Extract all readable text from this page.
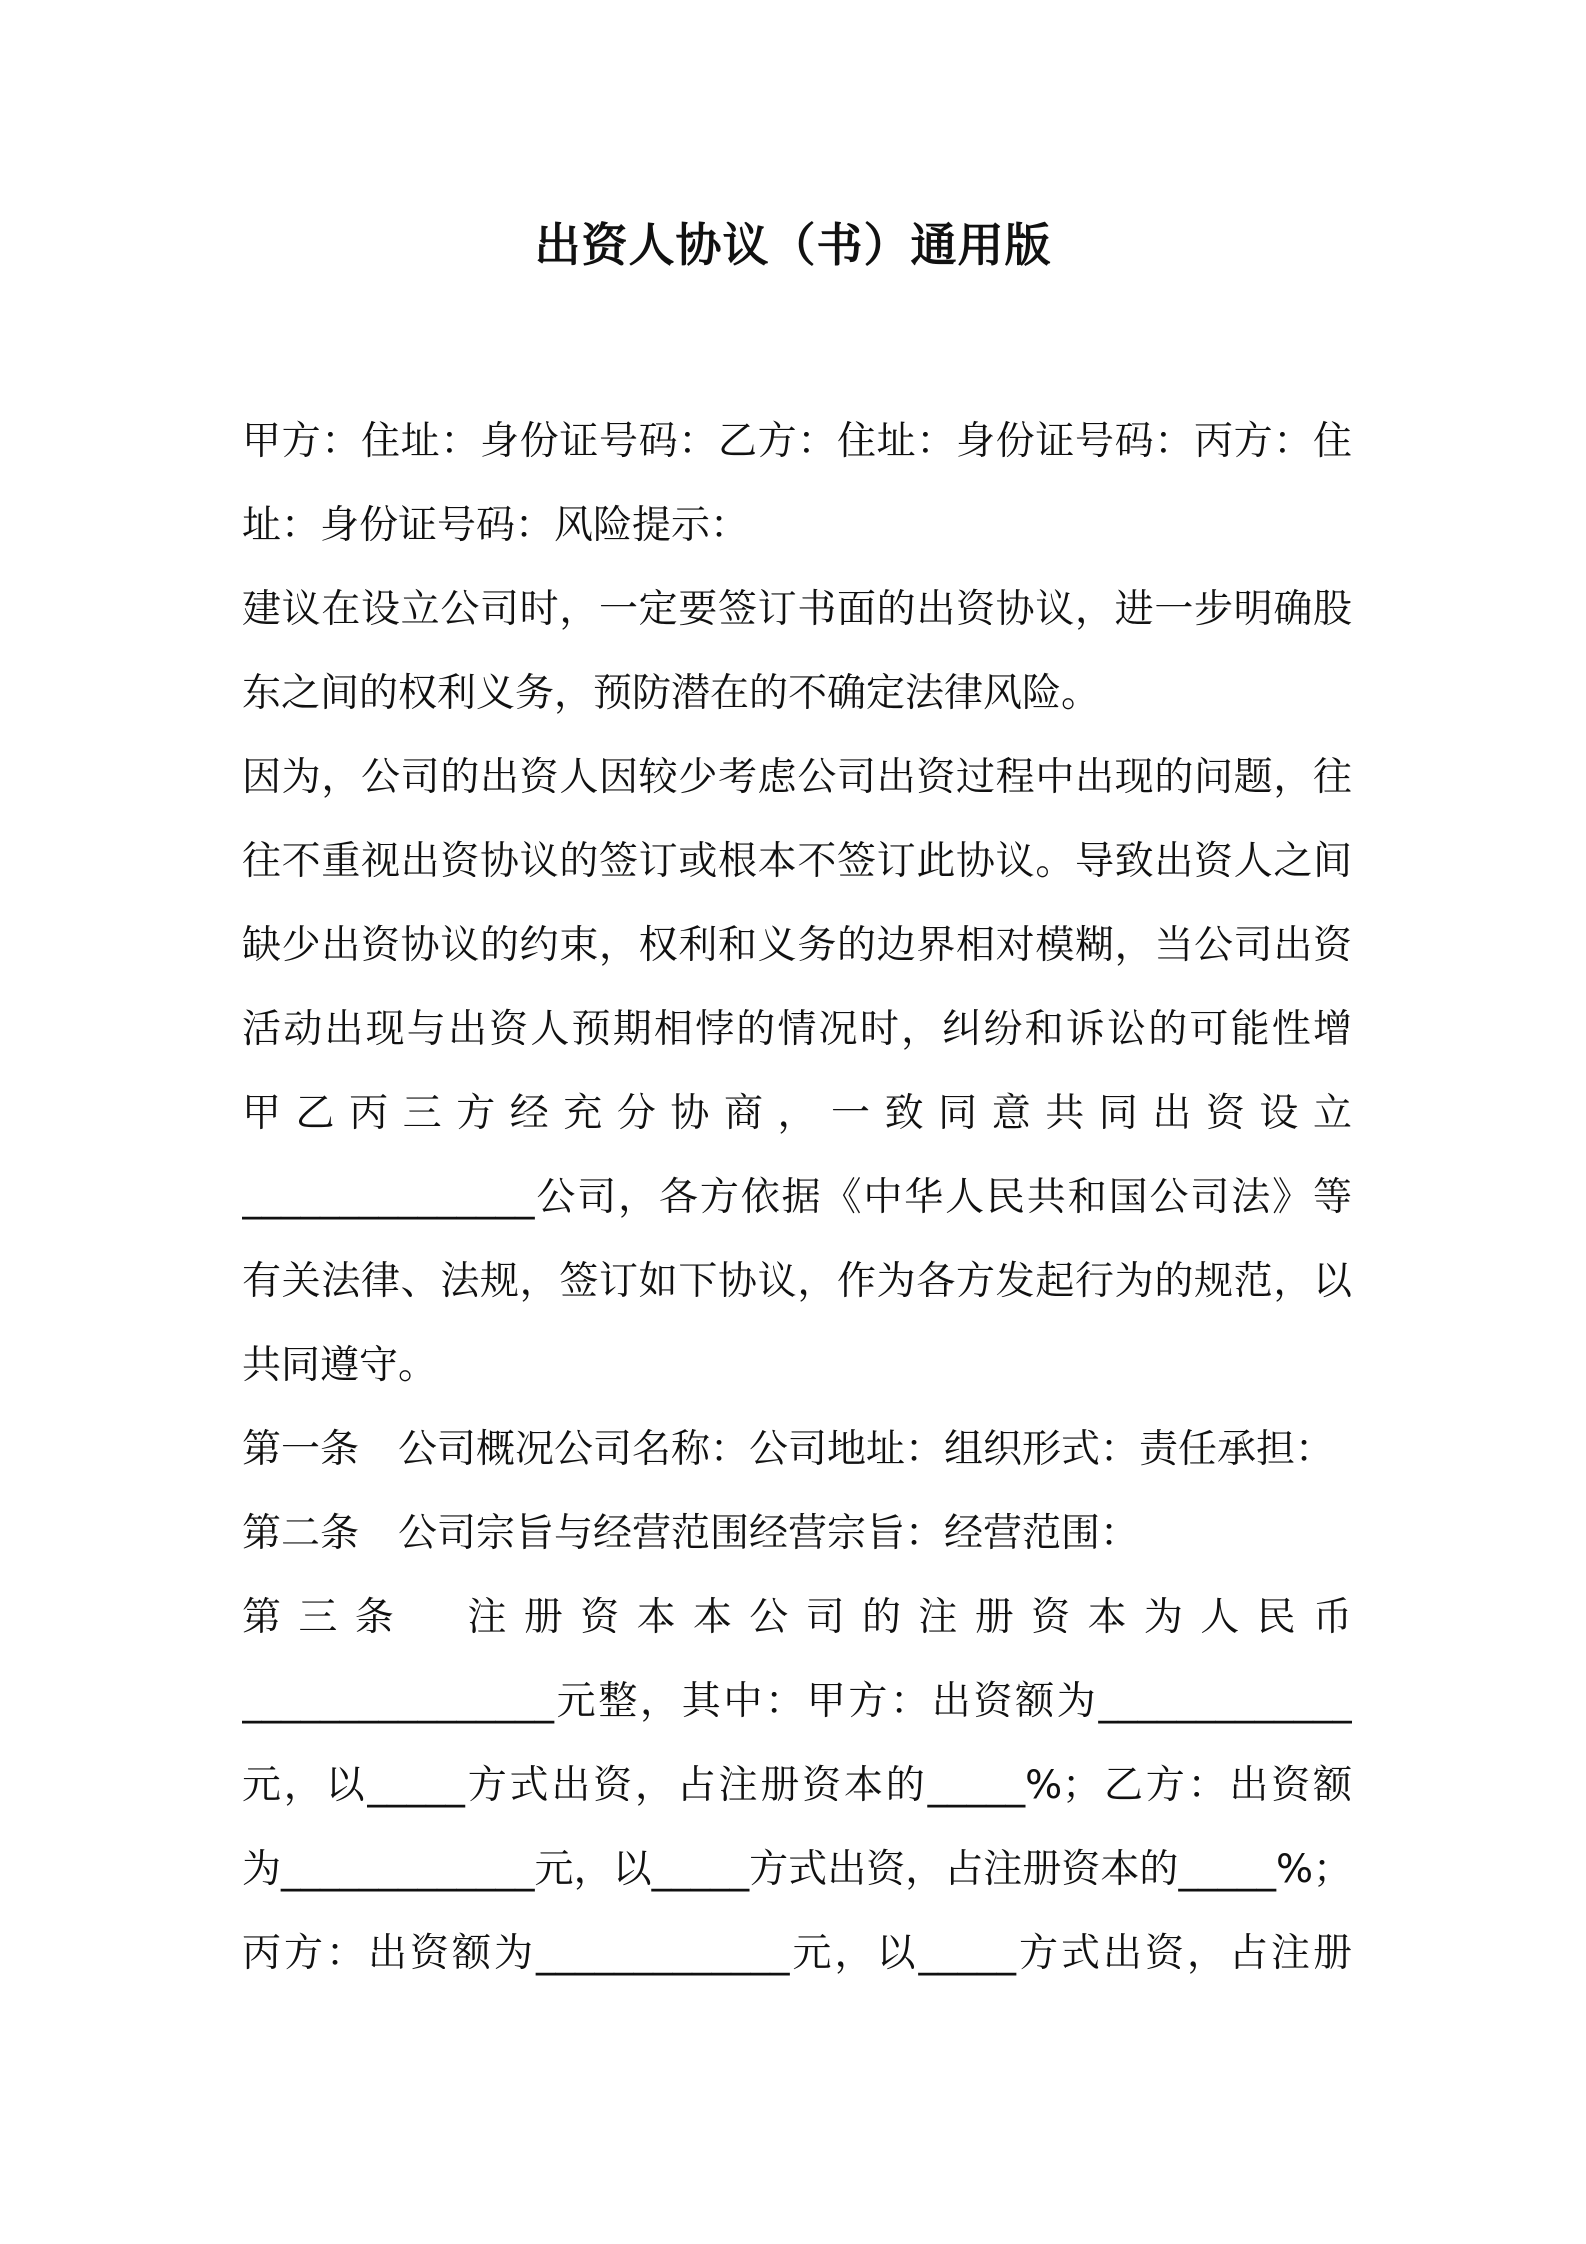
出资人协议（书）通用版
甲方：住址：身份证号码：乙方：住址：身份证号码：丙方：住
址：身份证号码：风险提示：
建议在设立公司时，一定要签订书面的出资协议，进一步明确股
东之间的权利义务，预防潜在的不确定法律风险。
因为，公司的出资人因较少考虑公司出资过程中出现的问题，往
往不重视出资协议的签订或根本不签订此协议。导致出资人之间
缺少出资协议的约束，权利和义务的边界相对模糊，当公司出资
活动出现与出资人预期相悖的情况时，纠纷和诉讼的可能性增
甲乙丙三方经充分协商，一致同意共同出资设立
_______________公司，各方依据《中华人民共和国公司法》等
有关法律、法规，签订如下协议，作为各方发起行为的规范，以
共同遵守。
第一条　公司概况公司名称：公司地址：组织形式：责任承担：
第二条　公司宗旨与经营范围经营宗旨：经营范围：
第三条　注册资本本公司的注册资本为人民币
________________元整，其中：甲方：出资额为_____________
元，以_____方式出资，占注册资本的_____%；乙方：出资额
为_____________元，以_____方式出资，占注册资本的_____%；
丙方：出资额为_____________元，以_____方式出资，占注册
